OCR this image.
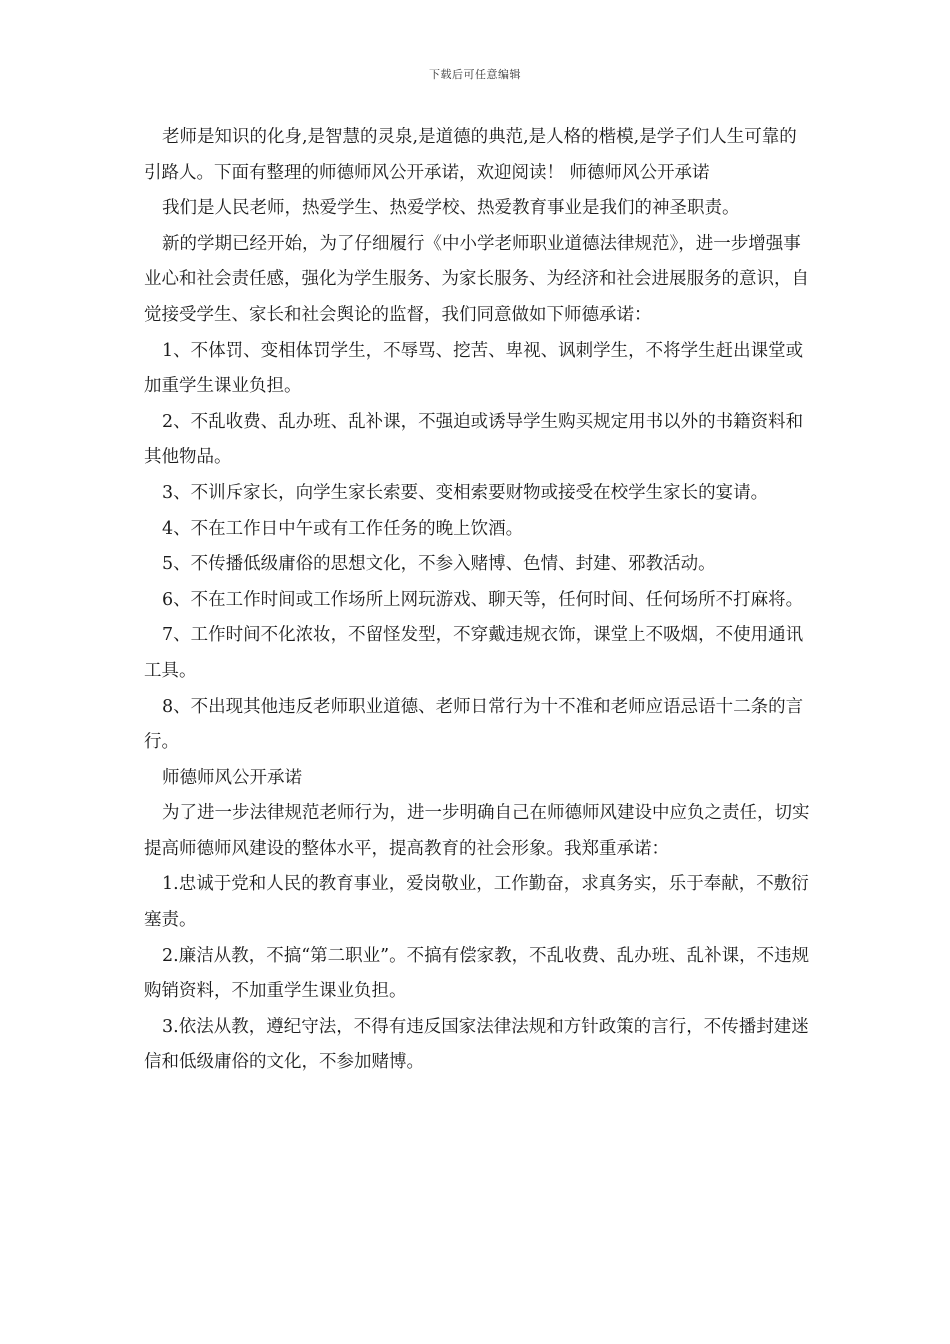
下载后可任意编辑

老师是知识的化身,是智慧的灵泉,是道德的典范,是人格的楷模,是学子们人生可靠的引路人。下面有整理的师德师风公开承诺，欢迎阅读！ 师德师风公开承诺

我们是人民老师，热爱学生、热爱学校、热爱教育事业是我们的神圣职责。

新的学期已经开始，为了仔细履行《中小学老师职业道德法律规范》，进一步增强事业心和社会责任感，强化为学生服务、为家长服务、为经济和社会进展服务的意识，自觉接受学生、家长和社会舆论的监督，我们同意做如下师德承诺：

1、不体罚、变相体罚学生，不辱骂、挖苦、卑视、讽刺学生，不将学生赶出课堂或加重学生课业负担。

2、不乱收费、乱办班、乱补课，不强迫或诱导学生购买规定用书以外的书籍资料和其他物品。

3、不训斥家长，向学生家长索要、变相索要财物或接受在校学生家长的宴请。

4、不在工作日中午或有工作任务的晚上饮酒。

5、不传播低级庸俗的思想文化，不参入赌博、色情、封建、邪教活动。

6、不在工作时间或工作场所上网玩游戏、聊天等，任何时间、任何场所不打麻将。

7、工作时间不化浓妆，不留怪发型，不穿戴违规衣饰，课堂上不吸烟，不使用通讯工具。

8、不出现其他违反老师职业道德、老师日常行为十不准和老师应语忌语十二条的言行。

师德师风公开承诺

为了进一步法律规范老师行为，进一步明确自己在师德师风建设中应负之责任，切实提高师德师风建设的整体水平，提高教育的社会形象。我郑重承诺：

1.忠诚于党和人民的教育事业，爱岗敬业，工作勤奋，求真务实，乐于奉献，不敷衍塞责。

2.廉洁从教，不搞“第二职业”。不搞有偿家教，不乱收费、乱办班、乱补课，不违规购销资料，不加重学生课业负担。

3.依法从教，遵纪守法，不得有违反国家法律法规和方针政策的言行，不传播封建迷信和低级庸俗的文化，不参加赌博。
